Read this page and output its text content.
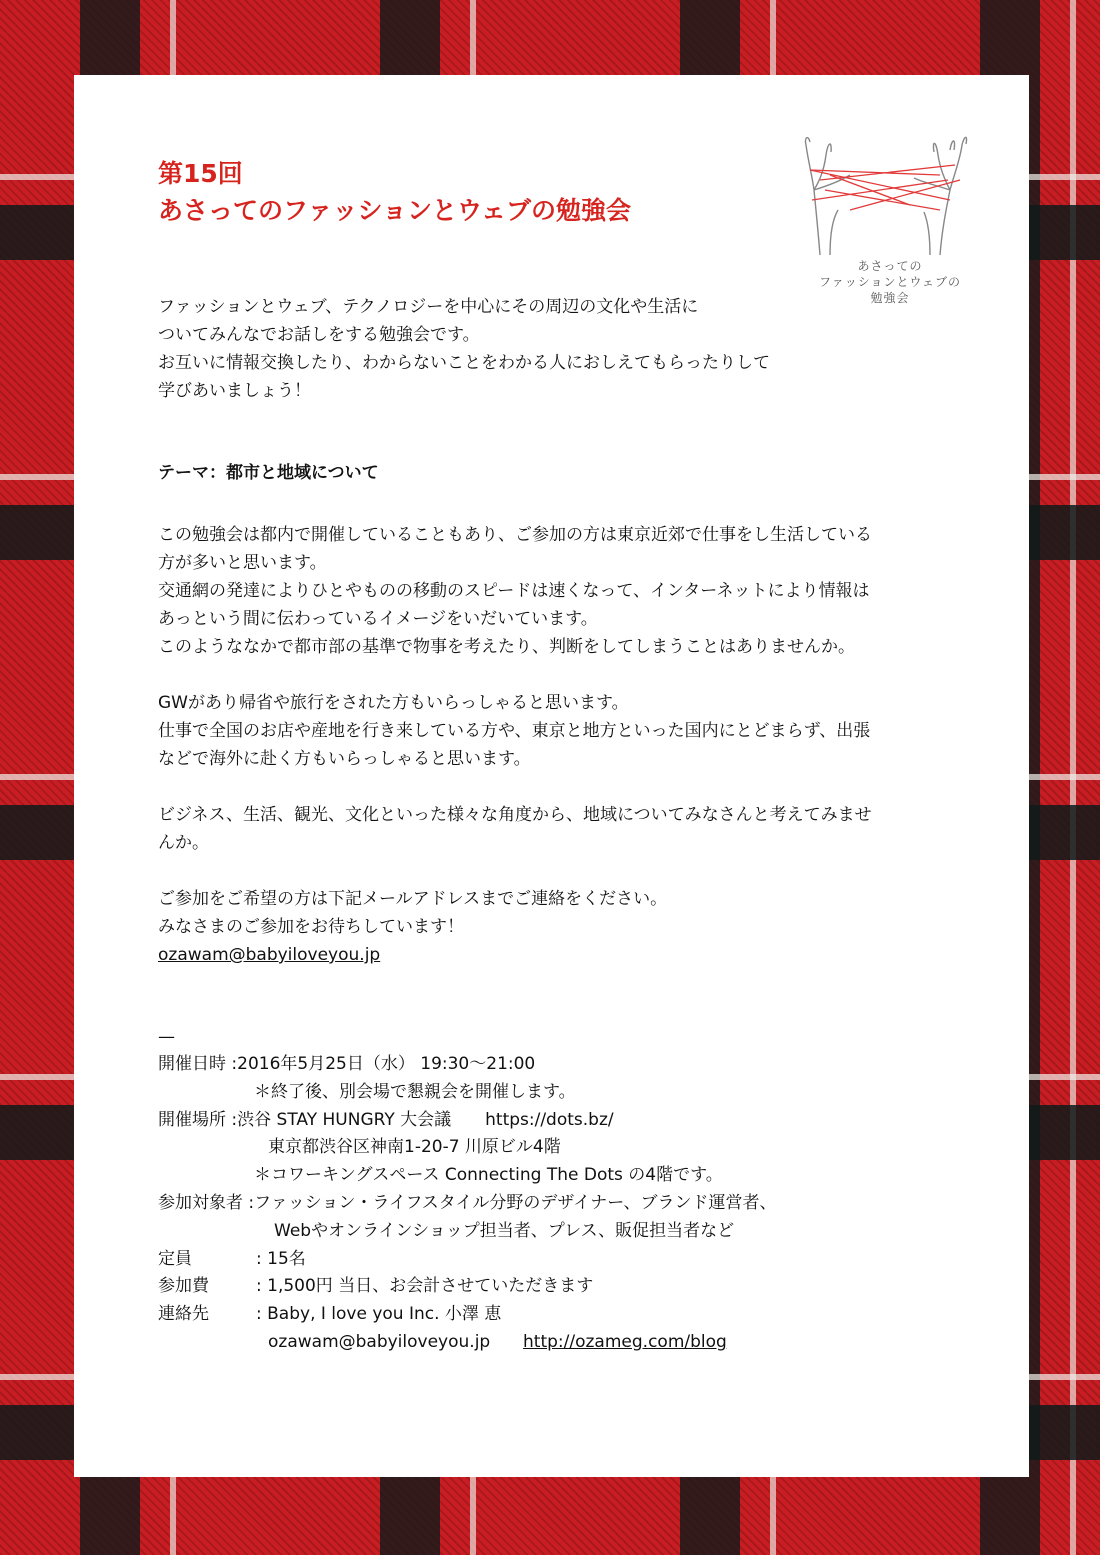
あさっての
ファッションとウェブの
勉強会
第15回
あさってのファッションとウェブの勉強会

ファッションとウェブ、テクノロジーを中心にその周辺の文化や生活に
ついてみんなでお話しをする勉強会です。
お互いに情報交換したり、わからないことをわかる人におしえてもらったりして
学びあいましょう！

テーマ：都市と地域について

この勉強会は都内で開催していることもあり、ご参加の方は東京近郊で仕事をし生活している
方が多いと思います。
交通網の発達によりひとやものの移動のスピードは速くなって、インターネットにより情報は
あっという間に伝わっているイメージをいだいています。
このようななかで都市部の基準で物事を考えたり、判断をしてしまうことはありませんか。

GWがあり帰省や旅行をされた方もいらっしゃると思います。
仕事で全国のお店や産地を行き来している方や、東京と地方といった国内にとどまらず、出張
などで海外に赴く方もいらっしゃると思います。

ビジネス、生活、観光、文化といった様々な角度から、地域についてみなさんと考えてみませ
んか。

ご参加をご希望の方は下記メールアドレスまでご連絡をください。
みなさまのご参加をお待ちしています！
ozawam@babyiloveyou.jp

—
開催日時 : 2016年5月25日（水） 19:30〜21:00
＊終了後、別会場で懇親会を開催します。
開催場所 : 渋谷 STAY HUNGRY 大会議　　https://dots.bz/
東京都渋谷区神南1-20-7 川原ビル4階
＊コワーキングスペース Connecting The Dots の4階です。
参加対象者 : ファッション・ライフスタイル分野のデザイナー、ブランド運営者、
Webやオンラインショップ担当者、プレス、販促担当者など
定員	: 15名
参加費	: 1,500円 当日、お会計させていただきます
連絡先	: Baby, I love you Inc. 小澤 恵
ozawam@babyiloveyou.jp http://ozameg.com/blog
